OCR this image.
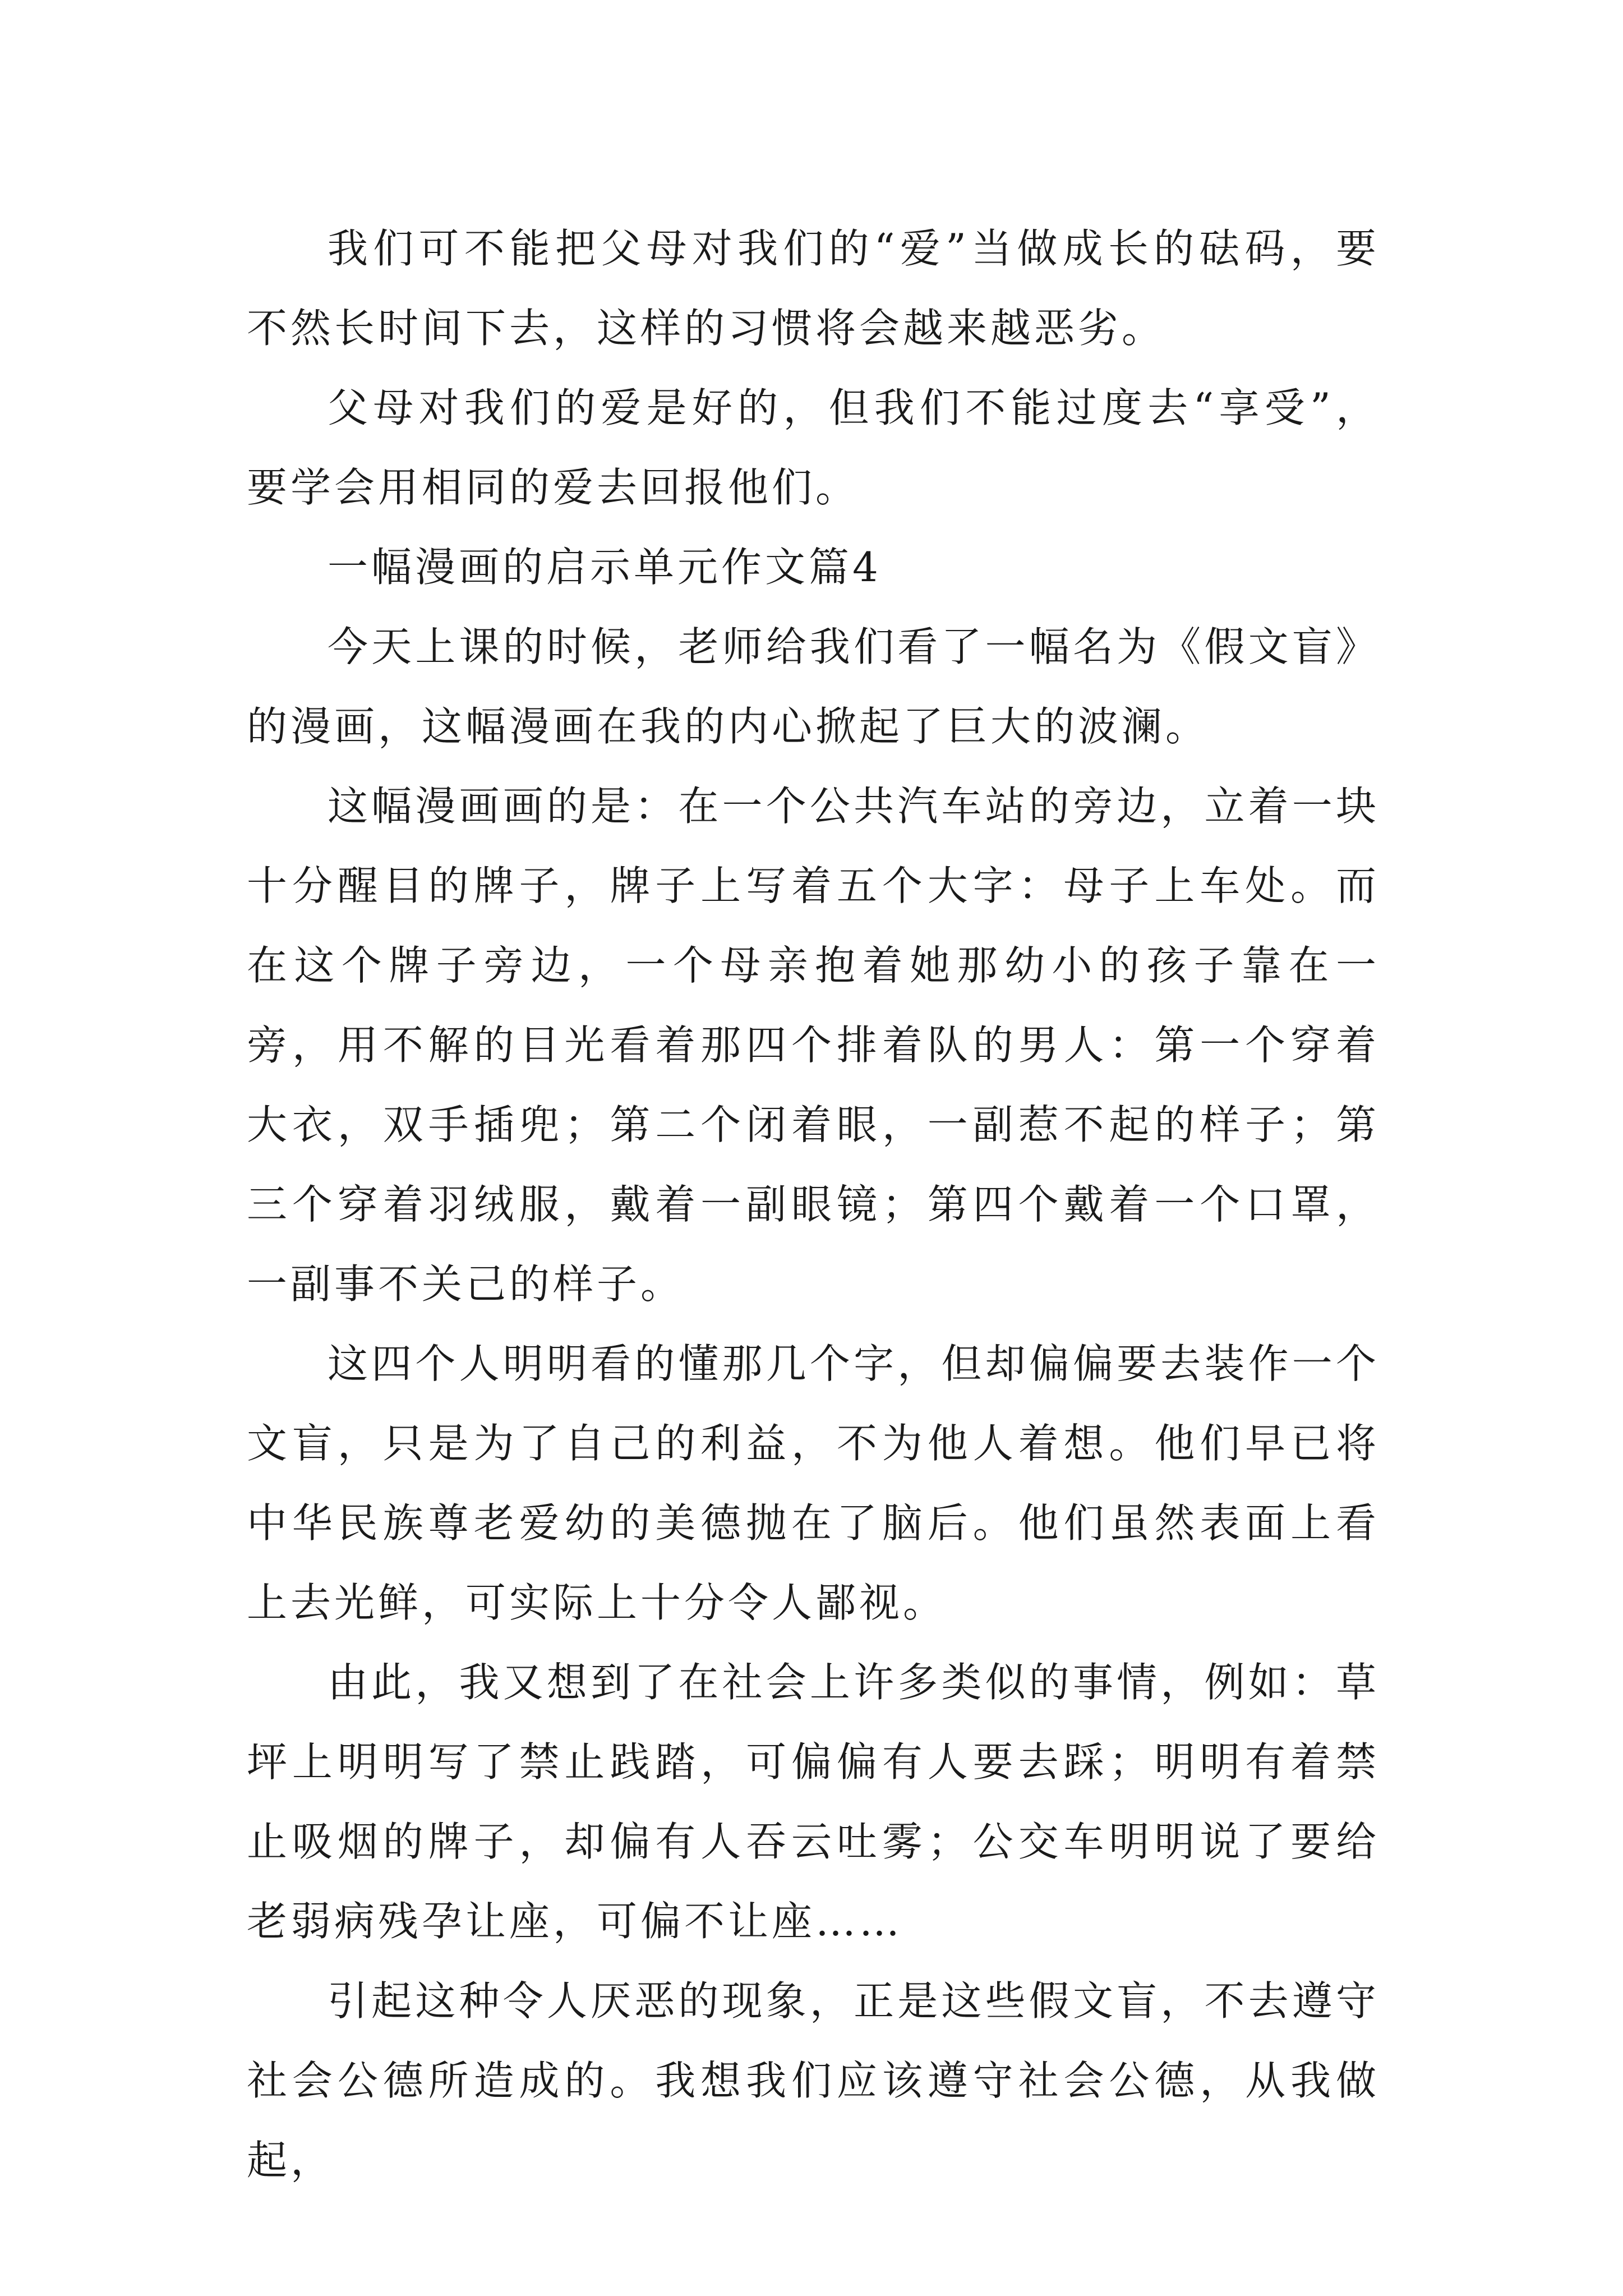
我们可不能把父母对我们的“爱”当做成长的砝码，要不然长时间下去，这样的习惯将会越来越恶劣。

父母对我们的爱是好的，但我们不能过度去“享受”，要学会用相同的爱去回报他们。

一幅漫画的启示单元作文篇4

今天上课的时候，老师给我们看了一幅名为《假文盲》的漫画，这幅漫画在我的内心掀起了巨大的波澜。

这幅漫画画的是：在一个公共汽车站的旁边，立着一块十分醒目的牌子，牌子上写着五个大字：母子上车处。而在这个牌子旁边，一个母亲抱着她那幼小的孩子靠在一旁，用不解的目光看着那四个排着队的男人：第一个穿着大衣，双手插兜；第二个闭着眼，一副惹不起的样子；第三个穿着羽绒服，戴着一副眼镜；第四个戴着一个口罩，一副事不关己的样子。

这四个人明明看的懂那几个字，但却偏偏要去装作一个文盲，只是为了自己的利益，不为他人着想。他们早已将中华民族尊老爱幼的美德抛在了脑后。他们虽然表面上看上去光鲜，可实际上十分令人鄙视。

由此，我又想到了在社会上许多类似的事情，例如：草坪上明明写了禁止践踏，可偏偏有人要去踩；明明有着禁止吸烟的牌子，却偏有人吞云吐雾；公交车明明说了要给老弱病残孕让座，可偏不让座……

引起这种令人厌恶的现象，正是这些假文盲，不去遵守社会公德所造成的。我想我们应该遵守社会公德，从我做起，
